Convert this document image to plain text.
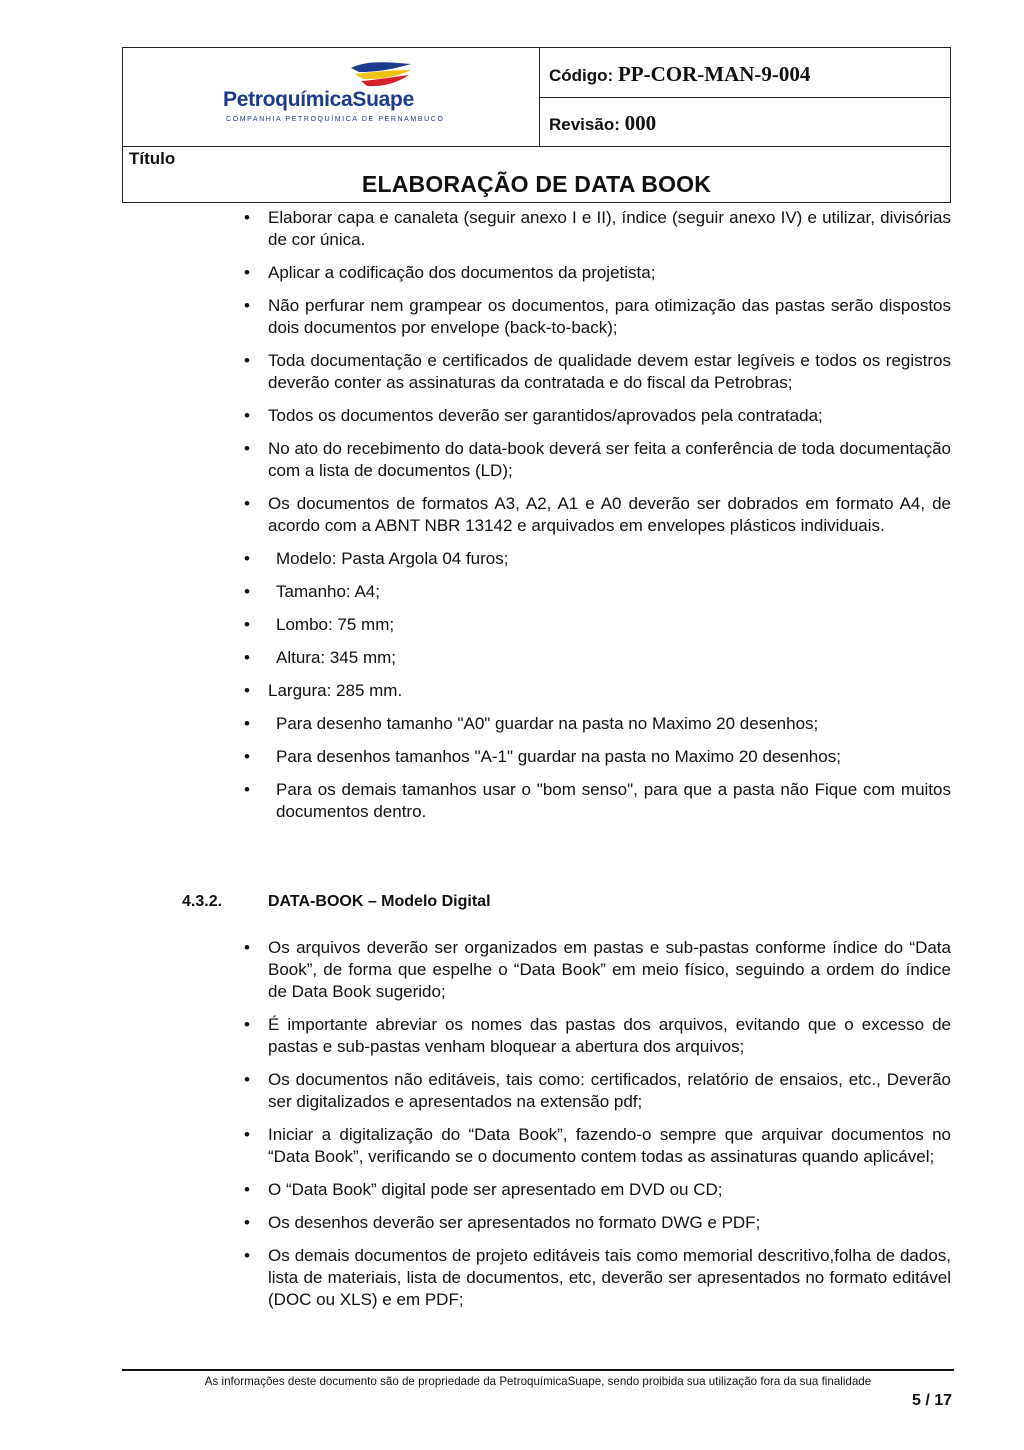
PetroquímicaSuape
COMPANHIA PETROQUÍMICA DE PERNAMBUCO
Código: PP-COR-MAN-9-004
Revisão: 000
Título
ELABORAÇÃO DE DATA BOOK
• Elaborar capa e canaleta (seguir anexo I e II), índice (seguir anexo IV) e utilizar, divisórias de cor única.
• Aplicar a codificação dos documentos da projetista;
• Não perfurar nem grampear os documentos, para otimização das pastas serão dispostos dois documentos por envelope (back-to-back);
• Toda documentação e certificados de qualidade devem estar legíveis e todos os registros deverão conter as assinaturas da contratada e do fiscal da Petrobras;
• Todos os documentos deverão ser garantidos/aprovados pela contratada;
• No ato do recebimento do data-book deverá ser feita a conferência de toda documentação com a lista de documentos (LD);
• Os documentos de formatos A3, A2, A1 e A0 deverão ser dobrados em formato A4, de acordo com a ABNT NBR 13142 e arquivados em envelopes plásticos individuais.
• Modelo: Pasta Argola 04 furos;
• Tamanho: A4;
• Lombo: 75 mm;
• Altura: 345 mm;
• Largura: 285 mm.
• Para desenho tamanho "A0" guardar na pasta no Maximo 20 desenhos;
• Para desenhos tamanhos "A-1" guardar na pasta no Maximo 20 desenhos;
• Para os demais tamanhos usar o "bom senso", para que a pasta não Fique com muitos documentos dentro.
4.3.2.	DATA-BOOK – Modelo Digital
• Os arquivos deverão ser organizados em pastas e sub-pastas conforme índice do “Data Book”, de forma que espelhe o “Data Book” em meio físico, seguindo a ordem do índice de Data Book sugerido;
• É importante abreviar os nomes das pastas dos arquivos, evitando que o excesso de pastas e sub-pastas venham bloquear a abertura dos arquivos;
• Os documentos não editáveis, tais como: certificados, relatório de ensaios, etc., Deverão ser digitalizados e apresentados na extensão pdf;
• Iniciar a digitalização do “Data Book”, fazendo-o sempre que arquivar documentos no “Data Book”, verificando se o documento contem todas as assinaturas quando aplicável;
• O “Data Book” digital pode ser apresentado em DVD ou CD;
• Os desenhos deverão ser apresentados no formato DWG e PDF;
• Os demais documentos de projeto editáveis tais como memorial descritivo,folha de dados, lista de materiais, lista de documentos, etc, deverão ser apresentados no formato editável (DOC ou XLS) e em PDF;
As informações deste documento são de propriedade da PetroquímicaSuape, sendo proibida sua utilização fora da sua finalidade
5 / 17
